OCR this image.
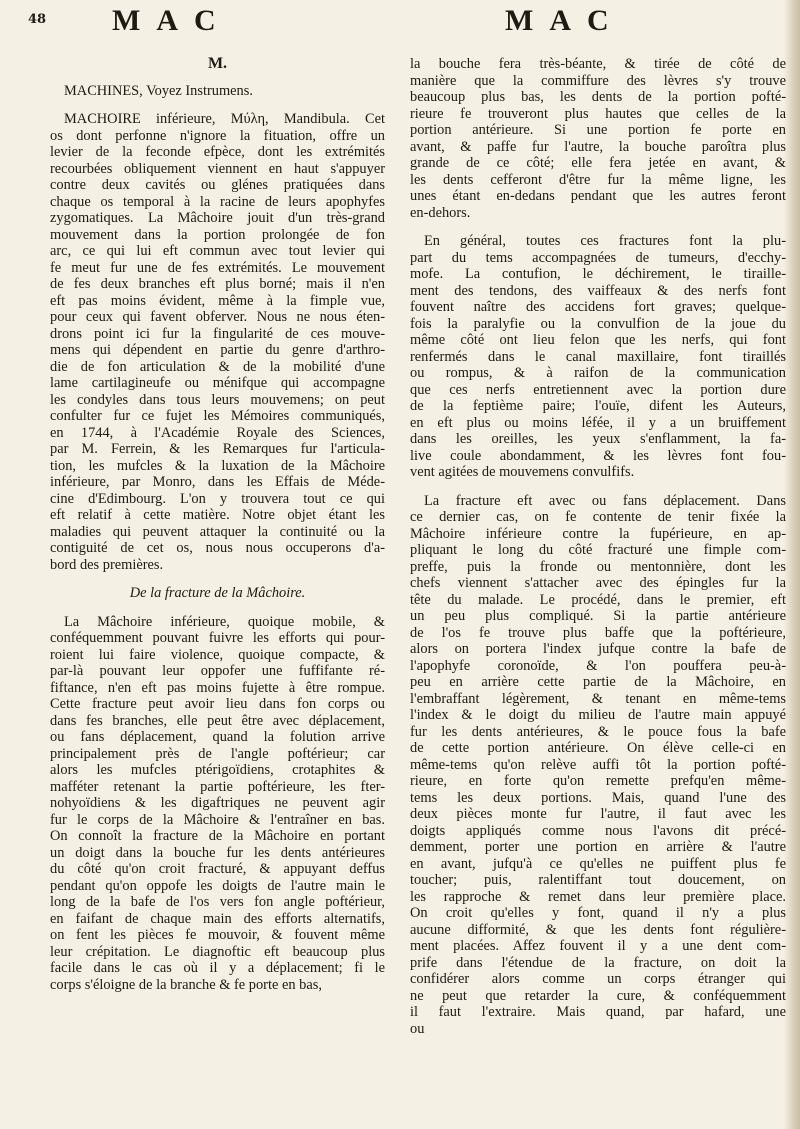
48 MAC	MAC
M.
MACHINES, Voyez Instrumens.
MACHOIRE inférieure, Μύλη, Mandibula. Cet
os dont perfonne n'ignore la fituation, offre un
levier de la feconde efpèce, dont les extrémités
recourbées obliquement viennent en haut s'appuyer
contre deux cavités ou glénes pratiquées dans
chaque os temporal à la racine de leurs apophyfes
zygomatiques. La Mâchoire jouit d'un très-grand
mouvement dans la portion prolongée de fon
arc, ce qui lui eft commun avec tout levier qui
fe meut fur une de fes extrémités. Le mouvement
de fes deux branches eft plus borné; mais il n'en
eft pas moins évident, même à la fimple vue,
pour ceux qui favent obferver. Nous ne nous éten-
drons point ici fur la fingularité de ces mouve-
mens qui dépendent en partie du genre d'arthro-
die de fon articulation & de la mobilité d'une
lame cartilagineufe ou ménifque qui accompagne
les condyles dans tous leurs mouvemens; on peut
confulter fur ce fujet les Mémoires communiqués,
en 1744, à l'Académie Royale des Sciences,
par M. Ferrein, & les Remarques fur l'articula-
tion, les mufcles & la luxation de la Mâchoire
inférieure, par Monro, dans les Effais de Méde-
cine d'Edimbourg. L'on y trouvera tout ce qui
eft relatif à cette matière. Notre objet étant les
maladies qui peuvent attaquer la continuité ou la
contiguité de cet os, nous nous occuperons d'a-
bord des premières.
De la fracture de la Mâchoire.
La Mâchoire inférieure, quoique mobile, &
conféquemment pouvant fuivre les efforts qui pour-
roient lui faire violence, quoique compacte, &
par-là pouvant leur oppofer une fuffifante ré-
fiftance, n'en eft pas moins fujette à être rompue.
Cette fracture peut avoir lieu dans fon corps ou
dans fes branches, elle peut être avec déplacement,
ou fans déplacement, quand la folution arrive
principalement près de l'angle poftérieur; car
alors les mufcles ptérigoïdiens, crotaphites &
mafféter retenant la partie poftérieure, les fter-
nohyoïdiens & les digaftriques ne peuvent agir
fur le corps de la Mâchoire & l'entraîner en bas.
On connoît la fracture de la Mâchoire en portant
un doigt dans la bouche fur les dents antérieures
du côté qu'on croit fracturé, & appuyant deffus
pendant qu'on oppofe les doigts de l'autre main le
long de la bafe de l'os vers fon angle poftérieur,
en faifant de chaque main des efforts alternatifs,
on fent les pièces fe mouvoir, & fouvent même
leur crépitation. Le diagnoftic eft beaucoup plus
facile dans le cas où il y a déplacement; fi le
corps s'éloigne de la branche & fe porte en bas,
la bouche fera très-béante, & tirée de côté de
manière que la commiffure des lèvres s'y trouve
beaucoup plus bas, les dents de la portion pofté-
rieure fe trouveront plus hautes que celles de la
portion antérieure. Si une portion fe porte en
avant, & paffe fur l'autre, la bouche paroîtra plus
grande de ce côté; elle fera jetée en avant, &
les dents cefferont d'être fur la même ligne, les
unes étant en-dedans pendant que les autres feront
en-dehors.
En général, toutes ces fractures font la plu-
part du tems accompagnées de tumeurs, d'ecchy-
mofe. La contufion, le déchirement, le tiraille-
ment des tendons, des vaiffeaux & des nerfs font
fouvent naître des accidens fort graves; quelque-
fois la paralyfie ou la convulfion de la joue du
même côté ont lieu felon que les nerfs, qui font
renfermés dans le canal maxillaire, font tiraillés
ou rompus, & à raifon de la communication
que ces nerfs entretiennent avec la portion dure
de la feptième paire; l'ouïe, difent les Auteurs,
en eft plus ou moins léfée, il y a un bruiffement
dans les oreilles, les yeux s'enflamment, la fa-
live coule abondamment, & les lèvres font fou-
vent agitées de mouvemens convulfifs.
La fracture eft avec ou fans déplacement. Dans
ce dernier cas, on fe contente de tenir fixée la
Mâchoire inférieure contre la fupérieure, en ap-
pliquant le long du côté fracturé une fimple com-
preffe, puis la fronde ou mentonnière, dont les
chefs viennent s'attacher avec des épingles fur la
tête du malade. Le procédé, dans le premier, eft
un peu plus compliqué. Si la partie antérieure
de l'os fe trouve plus baffe que la poftérieure,
alors on portera l'index jufque contre la bafe de
l'apophyfe coronoïde, & l'on pouffera peu-à-
peu en arrière cette partie de la Mâchoire, en
l'embraffant légèrement, & tenant en même-tems
l'index & le doigt du milieu de l'autre main appuyé
fur les dents antérieures, & le pouce fous la bafe
de cette portion antérieure. On élève celle-ci en
même-tems qu'on relève auffi tôt la portion pofté-
rieure, en forte qu'on remette prefqu'en même-
tems les deux portions. Mais, quand l'une des
deux pièces monte fur l'autre, il faut avec les
doigts appliqués comme nous l'avons dit précé-
demment, porter une portion en arrière & l'autre
en avant, jufqu'à ce qu'elles ne puiffent plus fe
toucher; puis, ralentiffant tout doucement, on
les rapproche & remet dans leur première place.
On croit qu'elles y font, quand il n'y a plus
aucune difformité, & que les dents font régulière-
ment placées. Affez fouvent il y a une dent com-
prife dans l'étendue de la fracture, on doit la
confidérer alors comme un corps étranger qui
ne peut que retarder la cure, & conféquemment
il faut l'extraire. Mais quand, par hafard, une
ou
